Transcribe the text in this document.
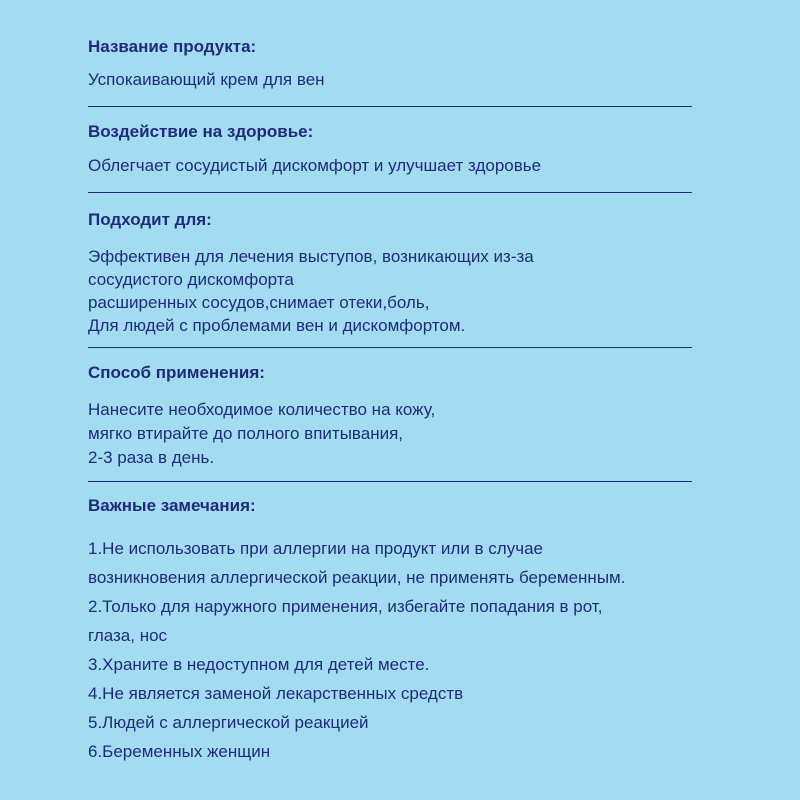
Название продукта:
Успокаивающий крем для вен
Воздействие на здоровье:
Облегчает сосудистый дискомфорт и улучшает здоровье
Подходит для:
Эффективен для лечения выступов, возникающих из-за
сосудистого дискомфорта
расширенных сосудов,снимает отеки,боль,
Для людей с проблемами вен и дискомфортом.
Способ применения:
Нанесите необходимое количество на кожу,
мягко втирайте до полного впитывания,
2-3 раза в день.
Важные замечания:
1.Не использовать при аллергии на продукт или в случае
возникновения аллергической реакции, не применять беременным.
2.Только для наружного применения, избегайте попадания в рот,
глаза, нос
3.Храните в недоступном для детей месте.
4.Не является заменой лекарственных средств
5.Людей с аллергической реакцией
6.Беременных женщин
